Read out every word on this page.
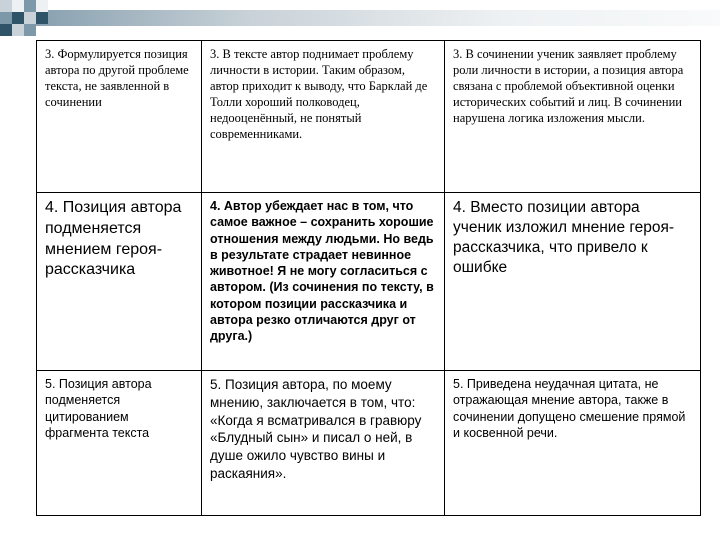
3. Формулируется позиция автора по другой проблеме текста, не заявленной в сочинении	3. В тексте автор поднимает проблему личности в истории. Таким образом, автор приходит к выводу, что Барклай де Толли хороший полководец, недооценённый, не понятый современниками.	3. В сочинении ученик заявляет проблему роли личности в истории, а позиция автора связана с проблемой объективной оценки исторических событий и лиц. В сочинении нарушена логика изложения мысли.
4. Позиция автора подменяется мнением героя-рассказчика	4. Автор убеждает нас в том, что самое важное – сохранить хорошие отношения между людьми. Но ведь в результате страдает невинное животное! Я не могу согласиться с автором. (Из сочинения по тексту, в котором позиции рассказчика и автора резко отличаются друг от друга.)	4. Вместо позиции автора ученик изложил мнение героя-рассказчика, что привело к ошибке
5. Позиция автора подменяется цитированием фрагмента текста	5. Позиция автора, по моему мнению, заключается в том, что: «Когда я всматривался в гравюру «Блудный сын» и писал о ней, в душе ожило чувство вины и раскаяния».	5. Приведена неудачная цитата, не отражающая мнение автора, также в сочинении допущено смешение прямой и косвенной речи.
